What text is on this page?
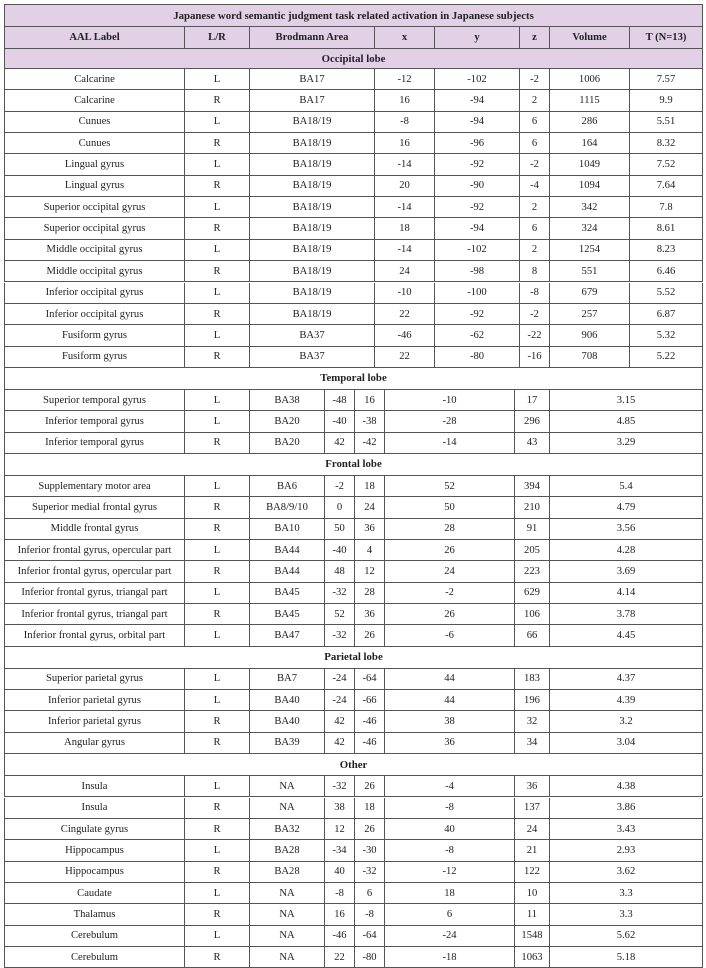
Japanese word semantic judgment task related activation in Japanese subjects
AAL Label	L/R	Brodmann Area	x	y	z	Volume	T (N=13)
Occipital lobe
Calcarine	L	BA17	-12	-102	-2	1006	7.57
Calcarine	R	BA17	16	-94	2	1115	9.9
Cunues	L	BA18/19	-8	-94	6	286	5.51
Cunues	R	BA18/19	16	-96	6	164	8.32
Lingual gyrus	L	BA18/19	-14	-92	-2	1049	7.52
Lingual gyrus	R	BA18/19	20	-90	-4	1094	7.64
Superior occipital gyrus	L	BA18/19	-14	-92	2	342	7.8
Superior occipital gyrus	R	BA18/19	18	-94	6	324	8.61
Middle occipital gyrus	L	BA18/19	-14	-102	2	1254	8.23
Middle occipital gyrus	R	BA18/19	24	-98	8	551	6.46
Inferior occipital gyrus	L	BA18/19	-10	-100	-8	679	5.52
Inferior occipital gyrus	R	BA18/19	22	-92	-2	257	6.87
Fusiform gyrus	L	BA37	-46	-62	-22	906	5.32
Fusiform gyrus	R	BA37	22	-80	-16	708	5.22
Temporal lobe
Superior temporal gyrus	L	BA38	-48	16	-10	17	3.15
Inferior temporal gyrus	L	BA20	-40	-38	-28	296	4.85
Inferior temporal gyrus	R	BA20	42	-42	-14	43	3.29
Frontal lobe
Supplementary motor area	L	BA6	-2	18	52	394	5.4
Superior medial frontal gyrus	R	BA8/9/10	0	24	50	210	4.79
Middle frontal gyrus	R	BA10	50	36	28	91	3.56
Inferior frontal gyrus, opercular part	L	BA44	-40	4	26	205	4.28
Inferior frontal gyrus, opercular part	R	BA44	48	12	24	223	3.69
Inferior frontal gyrus, triangal part	L	BA45	-32	28	-2	629	4.14
Inferior frontal gyrus, triangal part	R	BA45	52	36	26	106	3.78
Inferior frontal gyrus, orbital part	L	BA47	-32	26	-6	66	4.45
Parietal lobe
Superior parietal gyrus	L	BA7	-24	-64	44	183	4.37
Inferior parietal gyrus	L	BA40	-24	-66	44	196	4.39
Inferior parietal gyrus	R	BA40	42	-46	38	32	3.2
Angular gyrus	R	BA39	42	-46	36	34	3.04
Other
Insula	L	NA	-32	26	-4	36	4.38
Insula	R	NA	38	18	-8	137	3.86
Cingulate gyrus	R	BA32	12	26	40	24	3.43
Hippocampus	L	BA28	-34	-30	-8	21	2.93
Hippocampus	R	BA28	40	-32	-12	122	3.62
Caudate	L	NA	-8	6	18	10	3.3
Thalamus	R	NA	16	-8	6	11	3.3
Cerebulum	L	NA	-46	-64	-24	1548	5.62
Cerebulum	R	NA	22	-80	-18	1063	5.18
